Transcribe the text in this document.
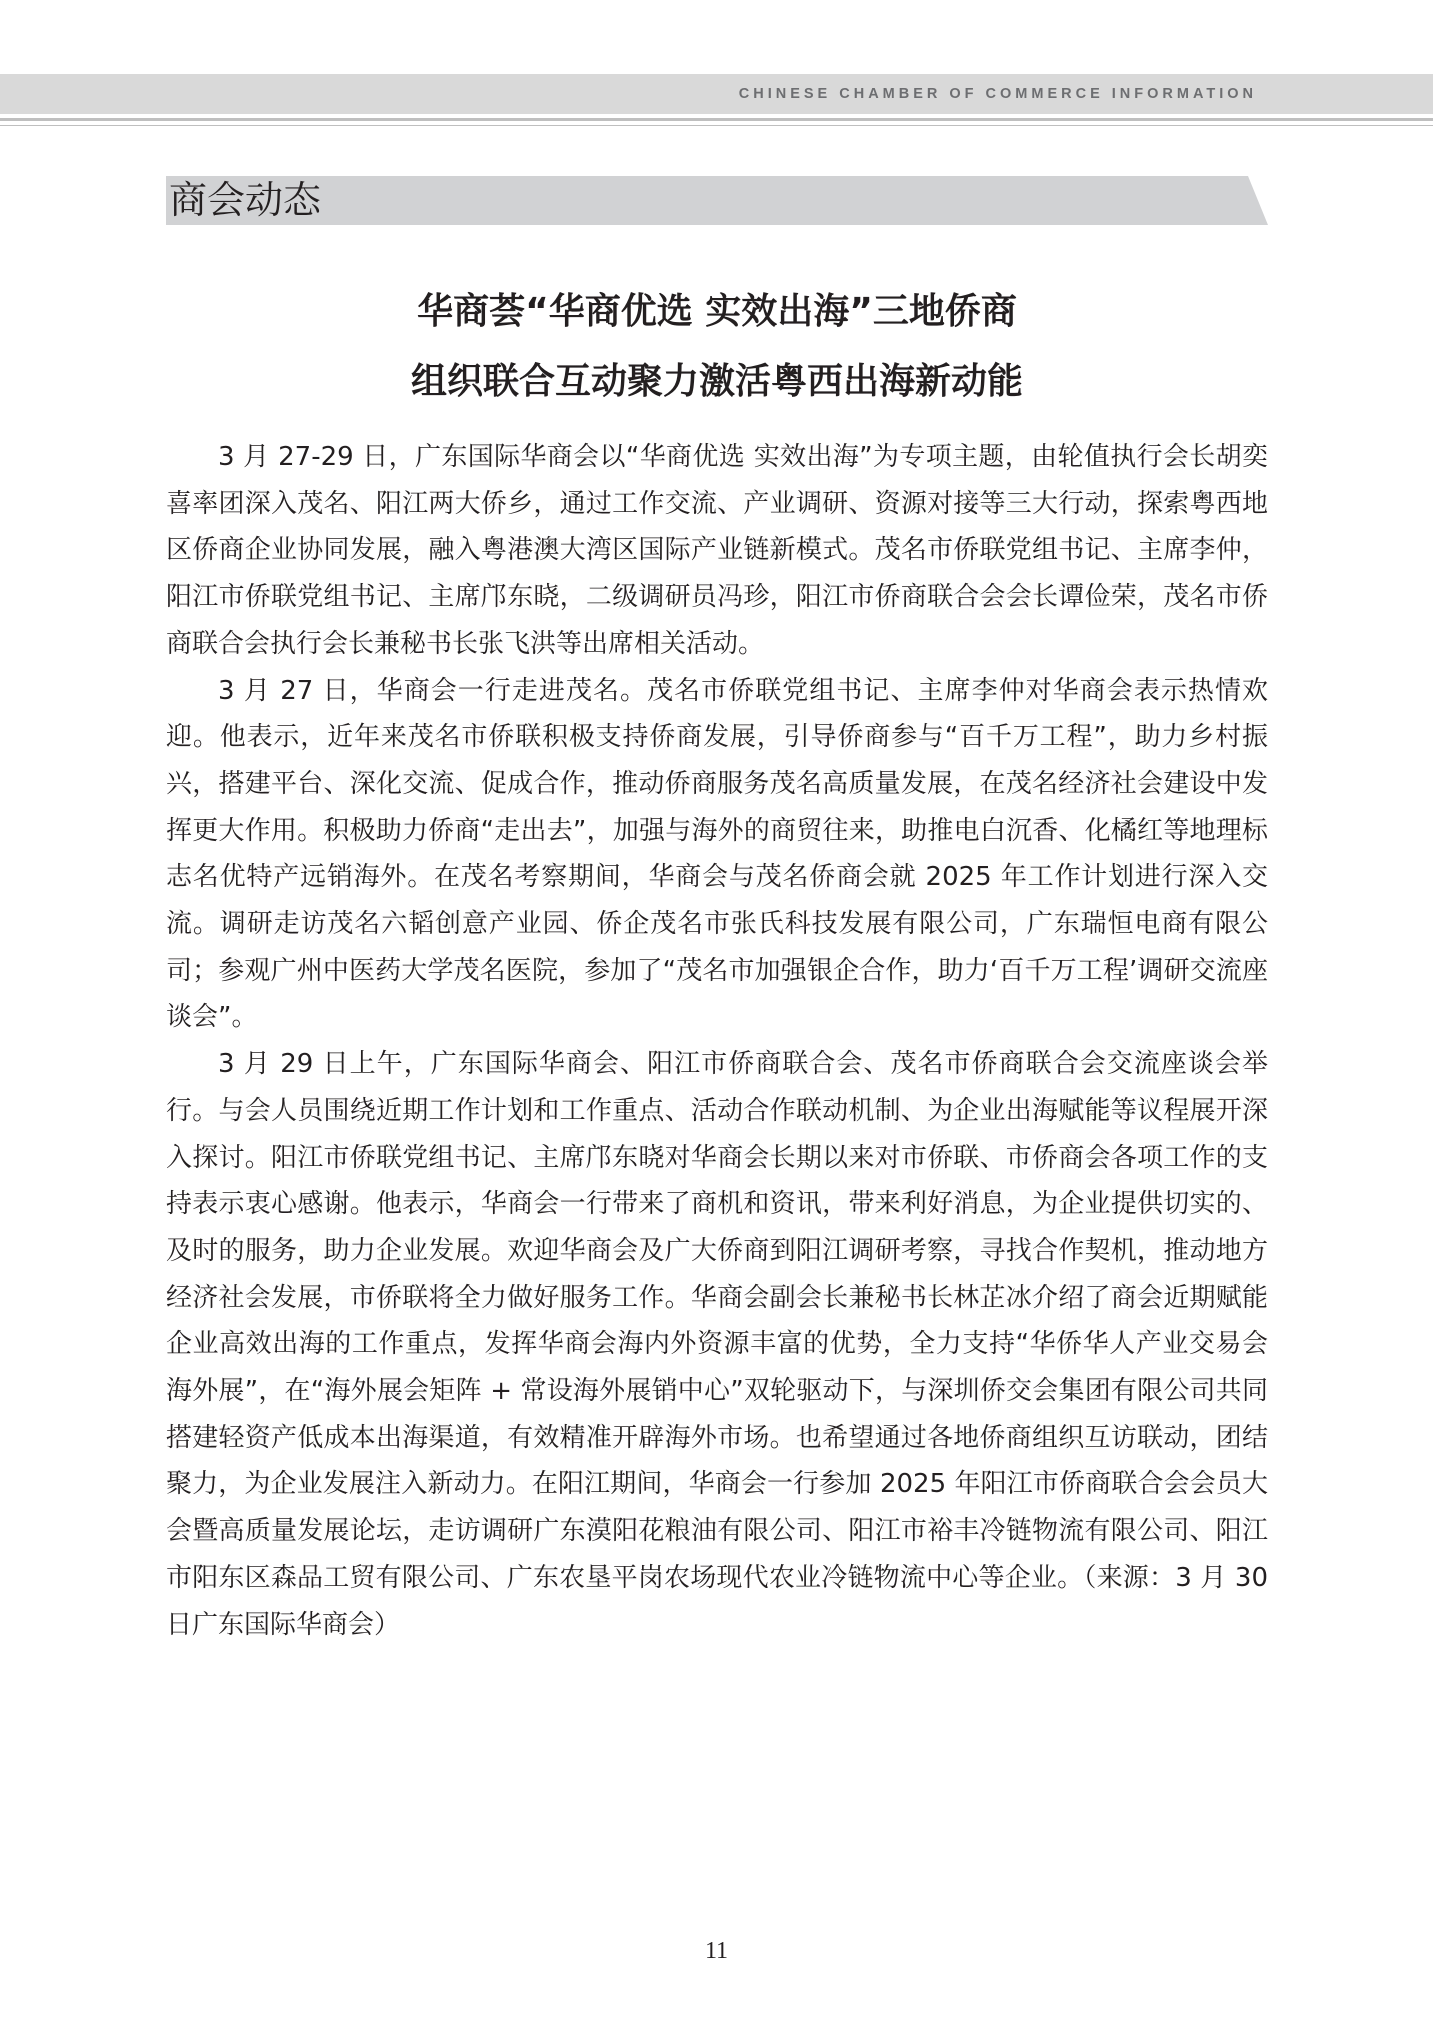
CHINESE CHAMBER OF COMMERCE INFORMATION
商会动态
华商荟“华商优选 实效出海”三地侨商
组织联合互动聚力激活粤西出海新动能

3 月 27-29 日，广东国际华商会以“华商优选 实效出海”为专项主题，由轮值执行会长胡奕喜率团深入茂名、阳江两大侨乡，通过工作交流、产业调研、资源对接等三大行动，探索粤西地区侨商企业协同发展，融入粤港澳大湾区国际产业链新模式。茂名市侨联党组书记、主席李仲，阳江市侨联党组书记、主席邝东晓，二级调研员冯珍，阳江市侨商联合会会长谭俭荣，茂名市侨商联合会执行会长兼秘书长张飞洪等出席相关活动。

3 月 27 日，华商会一行走进茂名。茂名市侨联党组书记、主席李仲对华商会表示热情欢迎。他表示，近年来茂名市侨联积极支持侨商发展，引导侨商参与“百千万工程”，助力乡村振兴，搭建平台、深化交流、促成合作，推动侨商服务茂名高质量发展，在茂名经济社会建设中发挥更大作用。积极助力侨商“走出去”，加强与海外的商贸往来，助推电白沉香、化橘红等地理标志名优特产远销海外。在茂名考察期间，华商会与茂名侨商会就 2025 年工作计划进行深入交流。调研走访茂名六韬创意产业园、侨企茂名市张氏科技发展有限公司，广东瑞恒电商有限公司；参观广州中医药大学茂名医院，参加了“茂名市加强银企合作，助力‘百千万工程’调研交流座谈会”。

3 月 29 日上午，广东国际华商会、阳江市侨商联合会、茂名市侨商联合会交流座谈会举行。与会人员围绕近期工作计划和工作重点、活动合作联动机制、为企业出海赋能等议程展开深入探讨。阳江市侨联党组书记、主席邝东晓对华商会长期以来对市侨联、市侨商会各项工作的支持表示衷心感谢。他表示，华商会一行带来了商机和资讯，带来利好消息，为企业提供切实的、及时的服务，助力企业发展。欢迎华商会及广大侨商到阳江调研考察，寻找合作契机，推动地方经济社会发展，市侨联将全力做好服务工作。华商会副会长兼秘书长林芷冰介绍了商会近期赋能企业高效出海的工作重点，发挥华商会海内外资源丰富的优势，全力支持“华侨华人产业交易会海外展”，在“海外展会矩阵 + 常设海外展销中心”双轮驱动下，与深圳侨交会集团有限公司共同搭建轻资产低成本出海渠道，有效精准开辟海外市场。也希望通过各地侨商组织互访联动，团结聚力，为企业发展注入新动力。在阳江期间，华商会一行参加 2025 年阳江市侨商联合会会员大会暨高质量发展论坛，走访调研广东漠阳花粮油有限公司、阳江市裕丰冷链物流有限公司、阳江市阳东区森品工贸有限公司、广东农垦平岗农场现代农业冷链物流中心等企业。（来源：3 月 30 日广东国际华商会）

11
